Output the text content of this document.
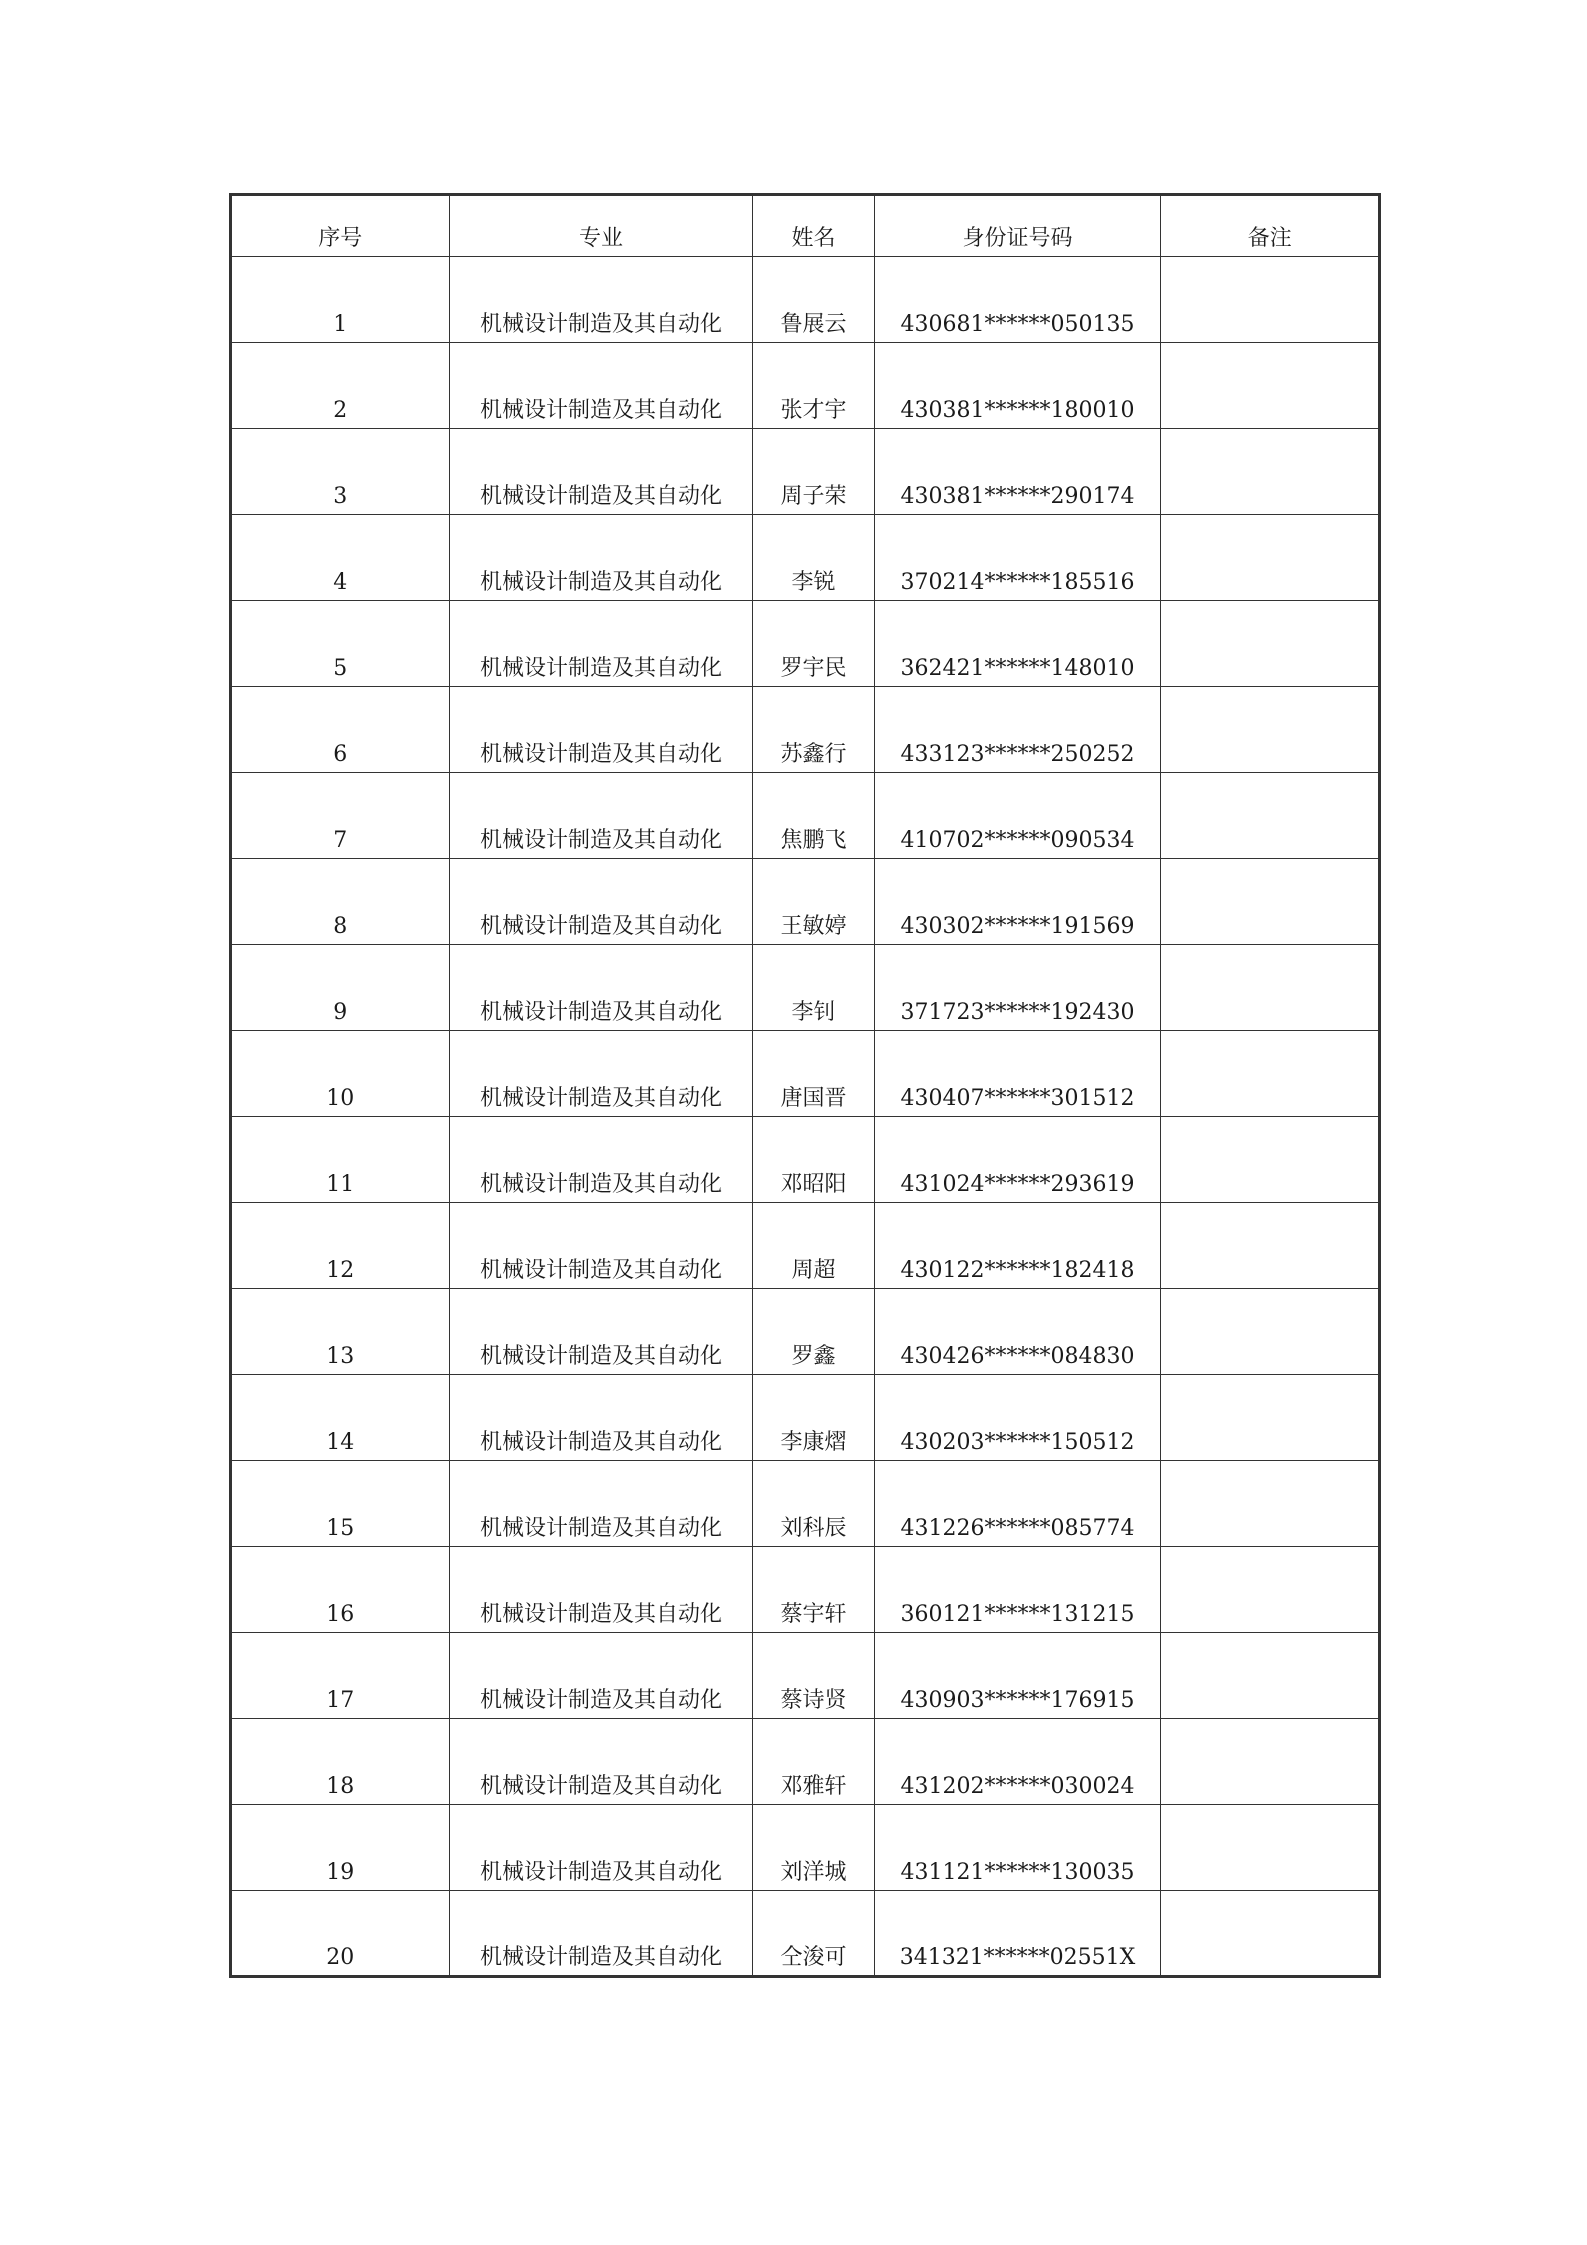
序号	专业	姓名	身份证号码	备注
1	机械设计制造及其自动化	鲁展云	430681******050135	
2	机械设计制造及其自动化	张才宇	430381******180010	
3	机械设计制造及其自动化	周子荣	430381******290174	
4	机械设计制造及其自动化	李锐	370214******185516	
5	机械设计制造及其自动化	罗宇民	362421******148010	
6	机械设计制造及其自动化	苏鑫行	433123******250252	
7	机械设计制造及其自动化	焦鹏飞	410702******090534	
8	机械设计制造及其自动化	王敏婷	430302******191569	
9	机械设计制造及其自动化	李钊	371723******192430	
10	机械设计制造及其自动化	唐国晋	430407******301512	
11	机械设计制造及其自动化	邓昭阳	431024******293619	
12	机械设计制造及其自动化	周超	430122******182418	
13	机械设计制造及其自动化	罗鑫	430426******084830	
14	机械设计制造及其自动化	李康熠	430203******150512	
15	机械设计制造及其自动化	刘科辰	431226******085774	
16	机械设计制造及其自动化	蔡宇轩	360121******131215	
17	机械设计制造及其自动化	蔡诗贤	430903******176915	
18	机械设计制造及其自动化	邓雅轩	431202******030024	
19	机械设计制造及其自动化	刘洋城	431121******130035	
20	机械设计制造及其自动化	仝浚可	341321******02551X	
